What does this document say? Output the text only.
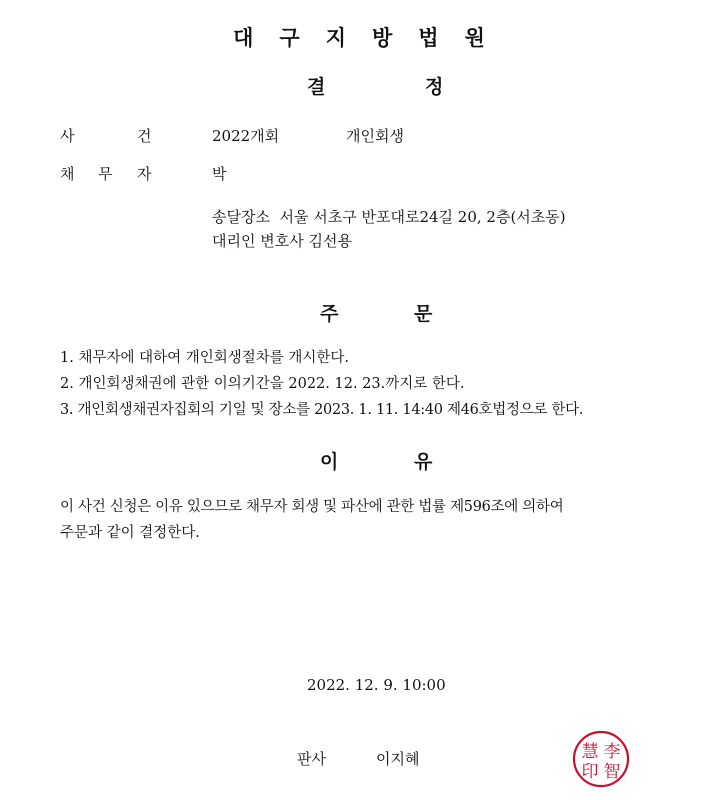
대 구 지 방 법 원
결	정
사	건	2022개회	개인회생
채 무 자	박
송달장소  서울 서초구 반포대로24길 20, 2층(서초동)
대리인 변호사 김선용
주	문
1. 채무자에 대하여 개인회생절차를 개시한다.
2. 개인회생채권에 관한 이의기간을 2022. 12. 23.까지로 한다.
3. 개인회생채권자집회의 기일 및 장소를 2023. 1. 11. 14:40 제46호법정으로 한다.
이	유
이 사건 신청은 이유 있으므로 채무자 회생 및 파산에 관한 법률 제596조에 의하여
주문과 같이 결정한다.
2022. 12. 9. 10:00
판사	이지혜	李
智
慧
印
